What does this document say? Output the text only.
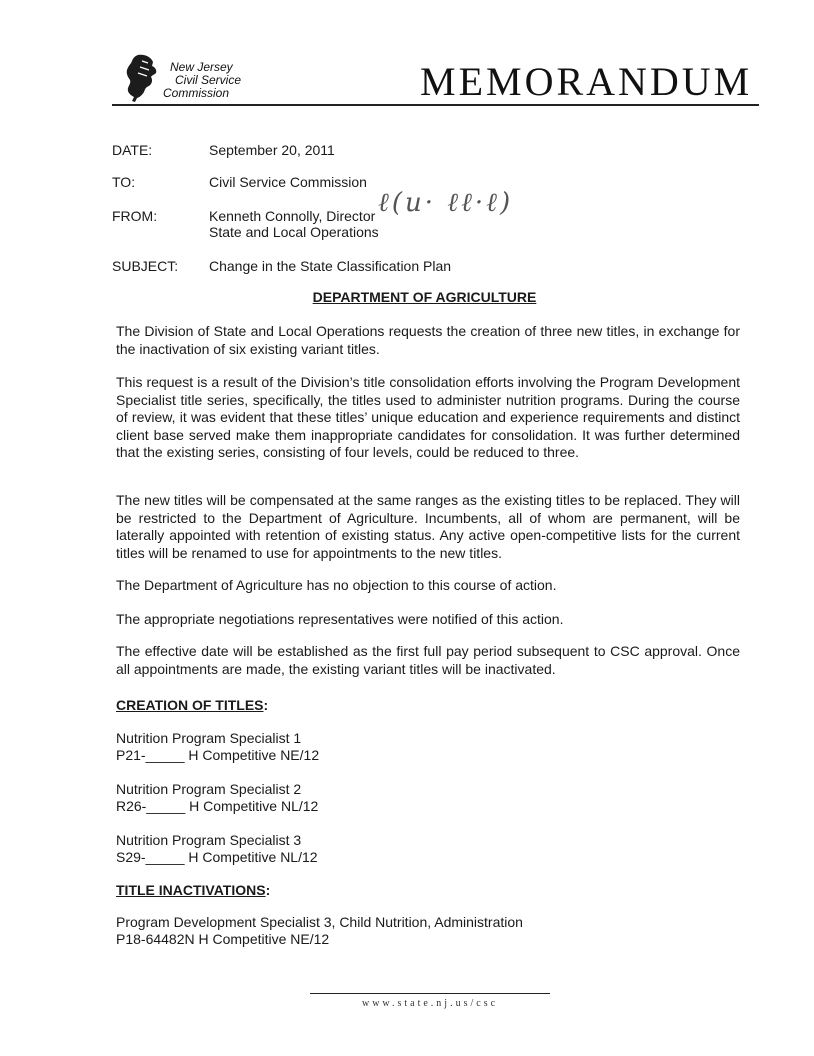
New Jersey
Civil Service
Commission	MEMORANDUM
DATE:	September 20, 2011
TO:	Civil Service Commission
FROM:	Kenneth Connolly, Director
State and Local Operations
ℓ(u· ℓℓ·ℓ)
SUBJECT: Change in the State Classification Plan
DEPARTMENT OF AGRICULTURE

The Division of State and Local Operations requests the creation of three new titles, in exchange for the inactivation of six existing variant titles.

This request is a result of the Division’s title consolidation efforts involving the Program Development Specialist title series, specifically, the titles used to administer nutrition programs. During the course of review, it was evident that these titles’ unique education and experience requirements and distinct client base served make them inappropriate candidates for consolidation. It was further determined that the existing series, consisting of four levels, could be reduced to three.

The new titles will be compensated at the same ranges as the existing titles to be replaced. They will be restricted to the Department of Agriculture. Incumbents, all of whom are permanent, will be laterally appointed with retention of existing status. Any active open-competitive lists for the current titles will be renamed to use for appointments to the new titles.

The Department of Agriculture has no objection to this course of action.

The appropriate negotiations representatives were notified of this action.

The effective date will be established as the first full pay period subsequent to CSC approval. Once all appointments are made, the existing variant titles will be inactivated.

CREATION OF TITLES:
Nutrition Program Specialist 1
P21-_____ H Competitive NE/12
Nutrition Program Specialist 2
R26-_____ H Competitive NL/12
Nutrition Program Specialist 3
S29-_____ H Competitive NL/12
TITLE INACTIVATIONS:
Program Development Specialist 3, Child Nutrition, Administration
P18-64482N H Competitive NE/12
www.state.nj.us/csc
